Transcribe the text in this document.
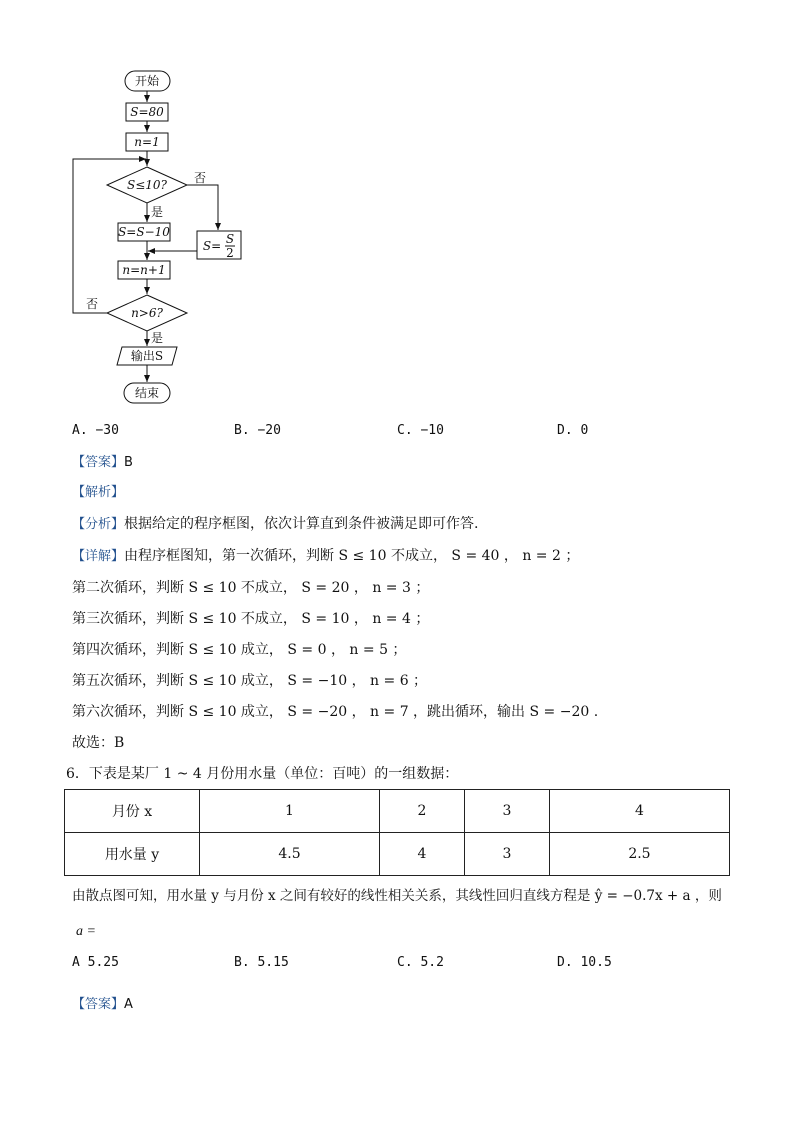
开始
S=80
n=1
S≤10? 否
是
S=S−10
S= S
2
n=n+1
n>6?
否
是
输出S
结束
A. −30	B. −20	C. −10	D. 0
【答案】B
【解析】
【分析】根据给定的程序框图，依次计算直到条件被满足即可作答.
【详解】由程序框图知，第一次循环，判断 S ≤ 10 不成立， S = 40 ， n = 2 ；
第二次循环，判断 S ≤ 10 不成立， S = 20 ， n = 3 ；
第三次循环，判断 S ≤ 10 不成立， S = 10 ， n = 4 ；
第四次循环，判断 S ≤ 10 成立， S = 0 ， n = 5 ；
第五次循环，判断 S ≤ 10 成立， S = −10 ， n = 6 ；
第六次循环，判断 S ≤ 10 成立， S = −20 ， n = 7 ，跳出循环，输出 S = −20 .
故选：B
6．下表是某厂 1 ~ 4 月份用水量（单位：百吨）的一组数据：
月份 x	1	2	3	4
用水量 y	4.5	4	3	2.5
由散点图可知，用水量 y 与月份 x 之间有较好的线性相关关系，其线性回归直线方程是 ŷ = −0.7x + a ，则
a =
A 5.25	B. 5.15	C. 5.2	D. 10.5
【答案】A
